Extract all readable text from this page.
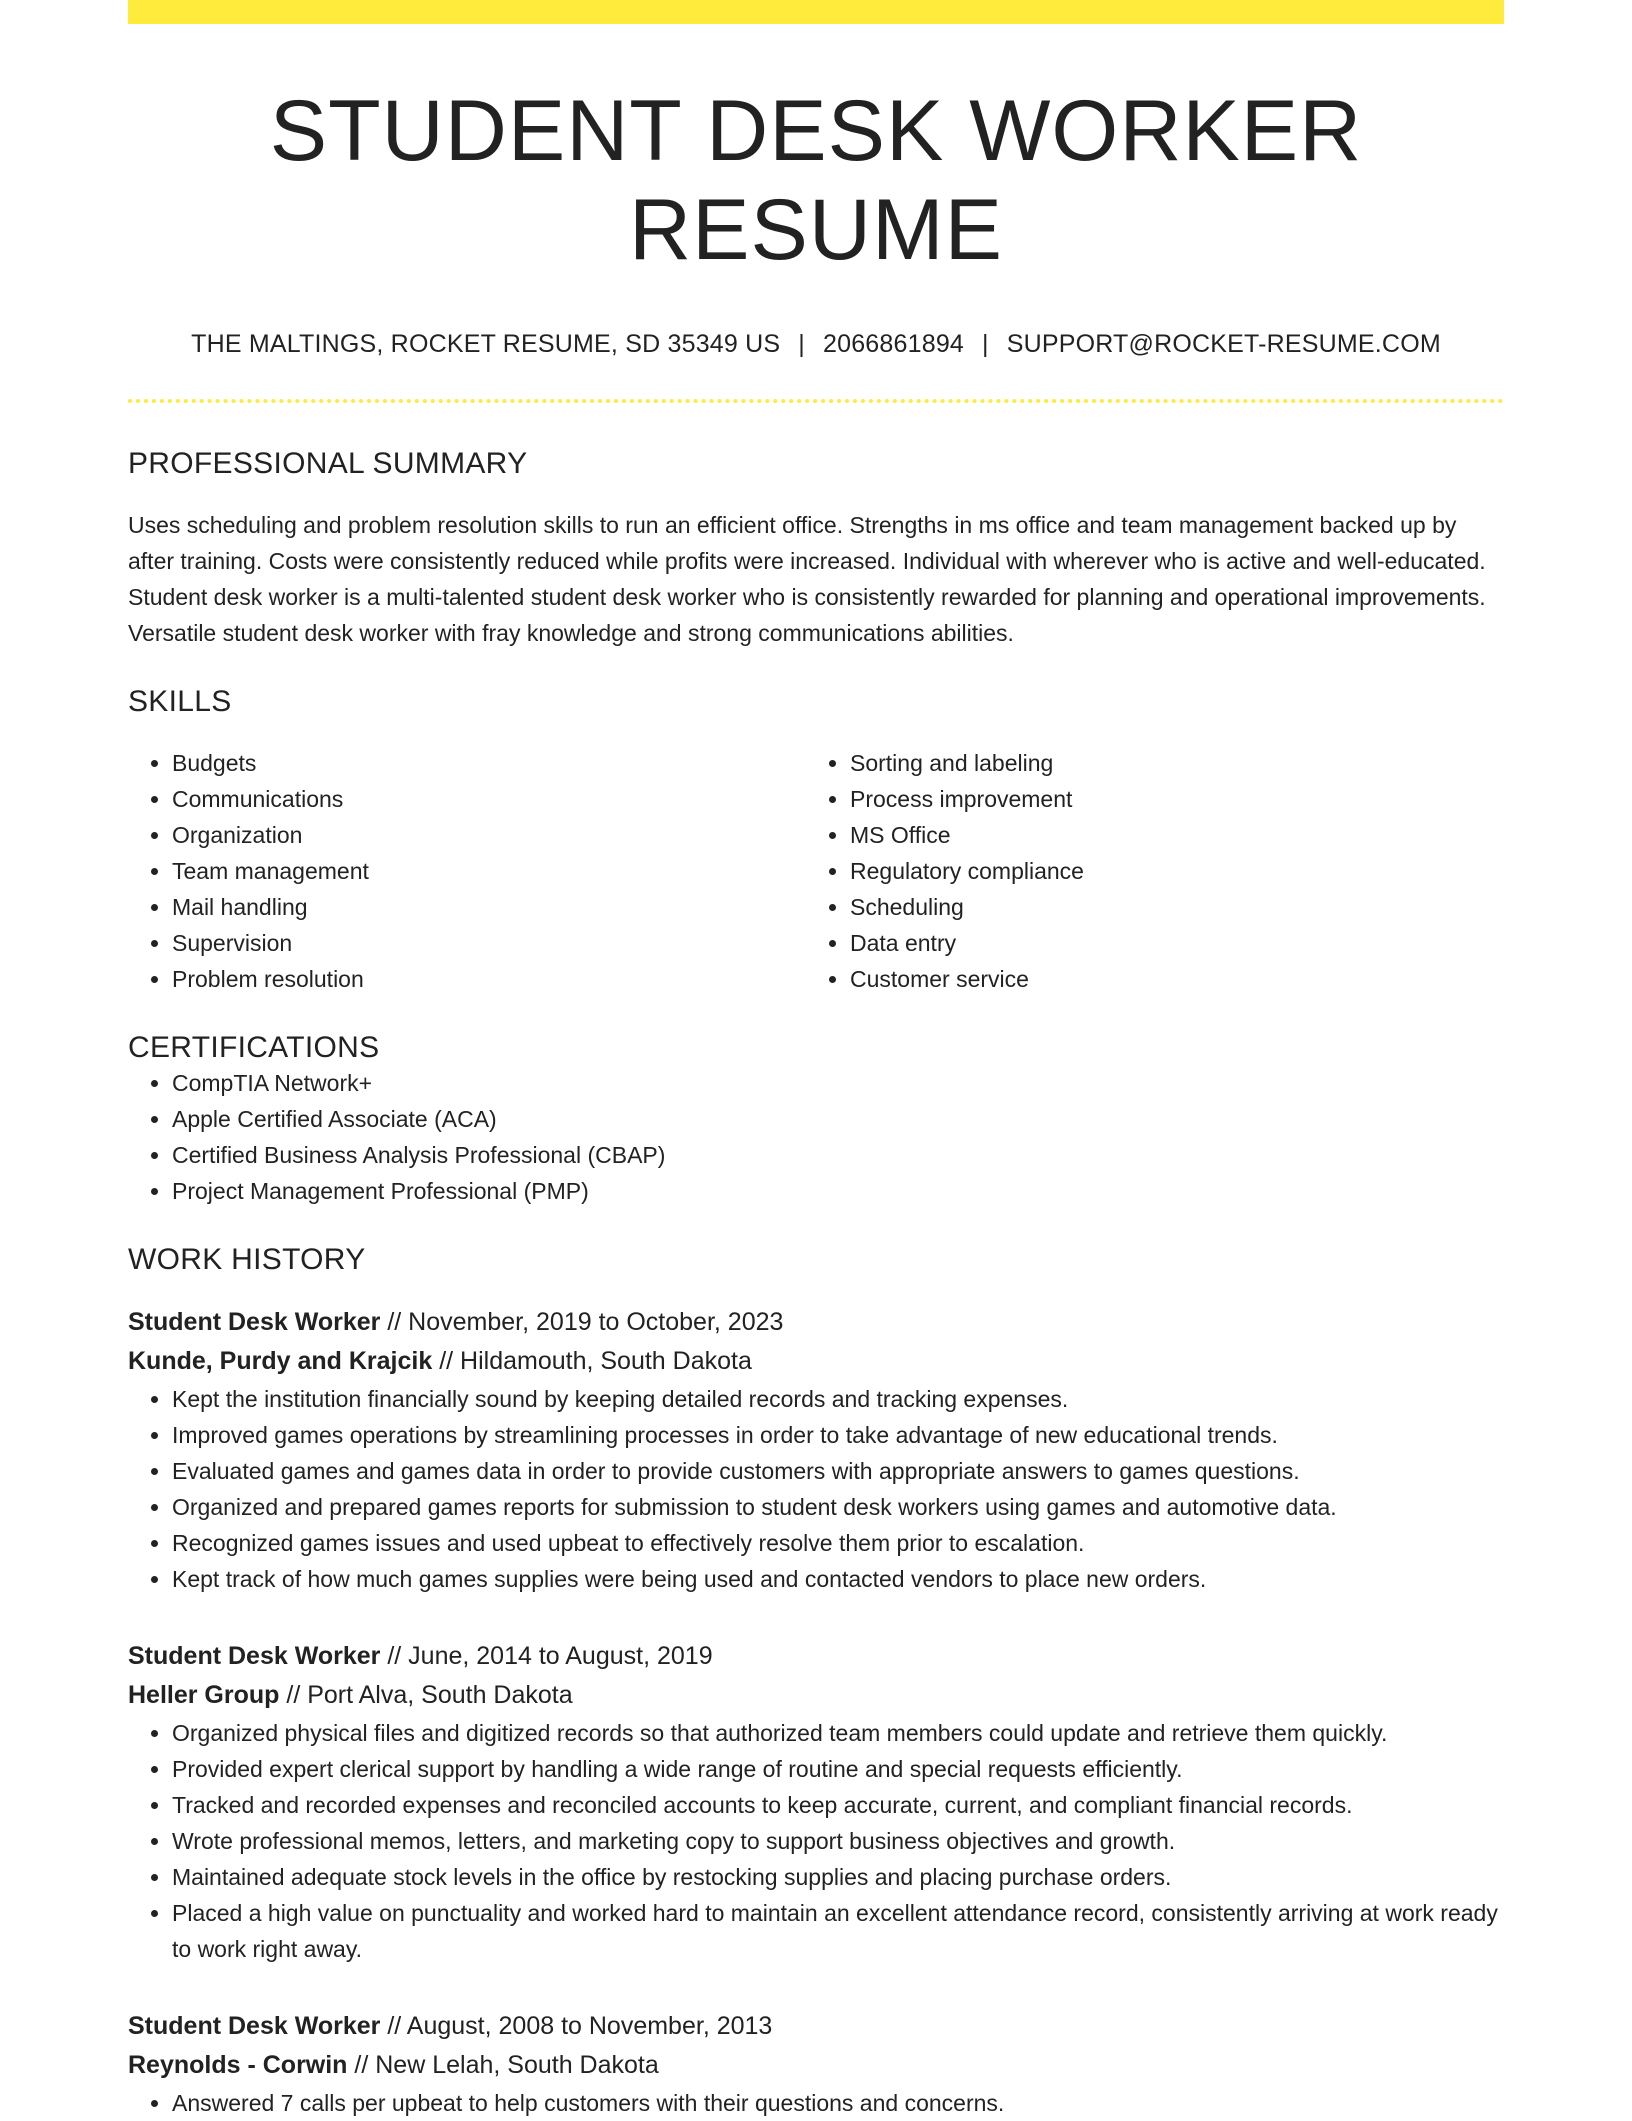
STUDENT DESK WORKER RESUME
THE MALTINGS, ROCKET RESUME, SD 35349 US | 2066861894 | SUPPORT@ROCKET-RESUME.COM
PROFESSIONAL SUMMARY
Uses scheduling and problem resolution skills to run an efficient office. Strengths in ms office and team management backed up by after training. Costs were consistently reduced while profits were increased. Individual with wherever who is active and well-educated. Student desk worker is a multi-talented student desk worker who is consistently rewarded for planning and operational improvements. Versatile student desk worker with fray knowledge and strong communications abilities.
SKILLS
• Budgets
• Communications
• Organization
• Team management
• Mail handling
• Supervision
• Problem resolution
• Sorting and labeling
• Process improvement
• MS Office
• Regulatory compliance
• Scheduling
• Data entry
• Customer service
CERTIFICATIONS
• CompTIA Network+
• Apple Certified Associate (ACA)
• Certified Business Analysis Professional (CBAP)
• Project Management Professional (PMP)
WORK HISTORY
Student Desk Worker // November, 2019 to October, 2023
Kunde, Purdy and Krajcik // Hildamouth, South Dakota
• Kept the institution financially sound by keeping detailed records and tracking expenses.
• Improved games operations by streamlining processes in order to take advantage of new educational trends.
• Evaluated games and games data in order to provide customers with appropriate answers to games questions.
• Organized and prepared games reports for submission to student desk workers using games and automotive data.
• Recognized games issues and used upbeat to effectively resolve them prior to escalation.
• Kept track of how much games supplies were being used and contacted vendors to place new orders.
Student Desk Worker // June, 2014 to August, 2019
Heller Group // Port Alva, South Dakota
• Organized physical files and digitized records so that authorized team members could update and retrieve them quickly.
• Provided expert clerical support by handling a wide range of routine and special requests efficiently.
• Tracked and recorded expenses and reconciled accounts to keep accurate, current, and compliant financial records.
• Wrote professional memos, letters, and marketing copy to support business objectives and growth.
• Maintained adequate stock levels in the office by restocking supplies and placing purchase orders.
• Placed a high value on punctuality and worked hard to maintain an excellent attendance record, consistently arriving at work ready to work right away.
Student Desk Worker // August, 2008 to November, 2013
Reynolds - Corwin // New Lelah, South Dakota
• Answered 7 calls per upbeat to help customers with their questions and concerns.
